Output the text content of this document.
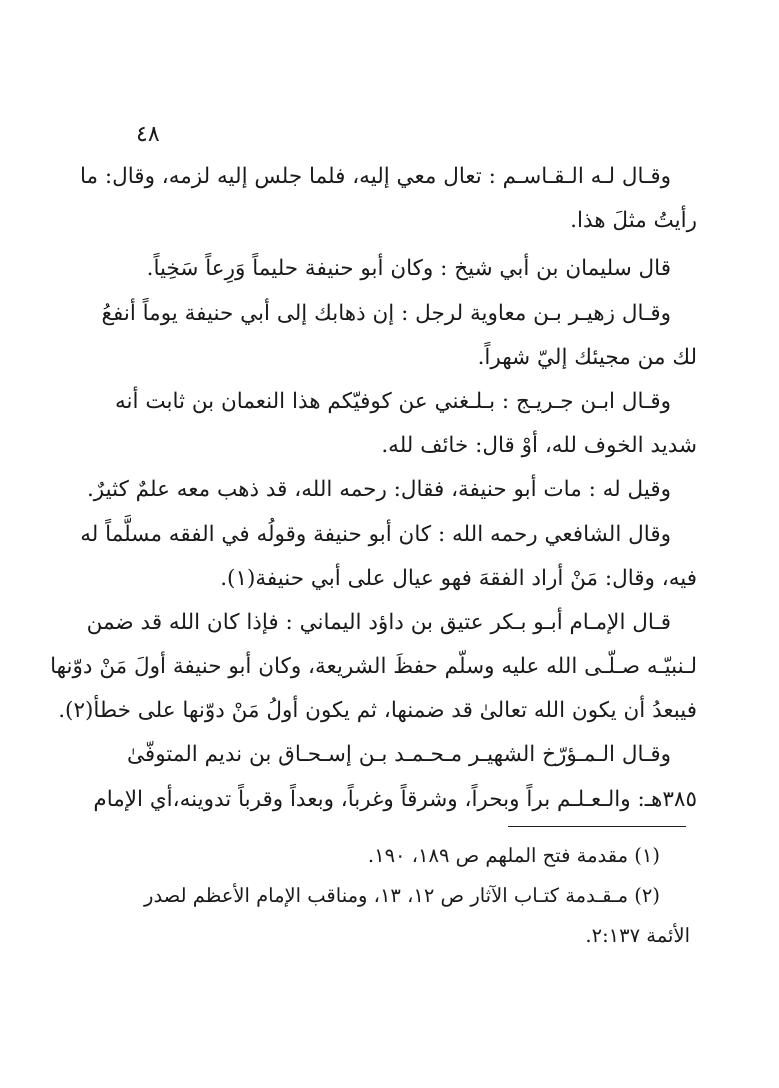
٤٨
وقـال لـه الـقـاسـم : تعال معي إليه، فلما جلس إليه لزمه، وقال: ما
رأيتُ مثلَ هذا.
قال سليمان بن أبي شيخ : وكان أبو حنيفة حليماً وَرِعاً سَخِياً.
وقـال زهيـر بـن معاوية لرجل : إن ذهابك إلى أبي حنيفة يوماً أنفعُ
لك من مجيئك إليّ شهراً.
وقـال ابـن جـريـج : بـلـغني عن كوفيّكم هذا النعمان بن ثابت أنه
شديد الخوف لله، أوْ قال: خائف لله.
وقيل له : مات أبو حنيفة، فقال: رحمه الله، قد ذهب معه علمٌ كثيرٌ.
وقال الشافعي رحمه الله : كان أبو حنيفة وقولُه في الفقه مسلَّماً له
فيه، وقال: مَنْ أراد الفقهَ فهو عيال على أبي حنيفة(١).
قـال الإمـام أبـو بـكر عتيق بن داؤد اليماني : فإذا كان الله قد ضمن
لـنبيّـه صـلّـى الله عليه وسلّم حفظَ الشريعة، وكان أبو حنيفة أولَ مَنْ دوّنها
فيبعدُ أن يكون الله تعالىٰ قد ضمنها، ثم يكون أولُ مَنْ دوّنها على خطأ(٢).
وقـال الـمـؤرّخ الشهيـر مـحـمـد بـن إسـحـاق بن نديم المتوفّىٰ
٣٨٥هـ: والـعـلـم براً وبحراً، وشرقاً وغرباً، وبعداً وقرباً تدوينه،أي الإمام
(١) مقدمة فتح الملهم ص ١٨٩، ١٩٠.
(٢) مـقـدمة كتـاب الآثار ص ١٢، ١٣، ومناقب الإمام الأعظم لصدر
الأئمة ٢:١٣٧.
